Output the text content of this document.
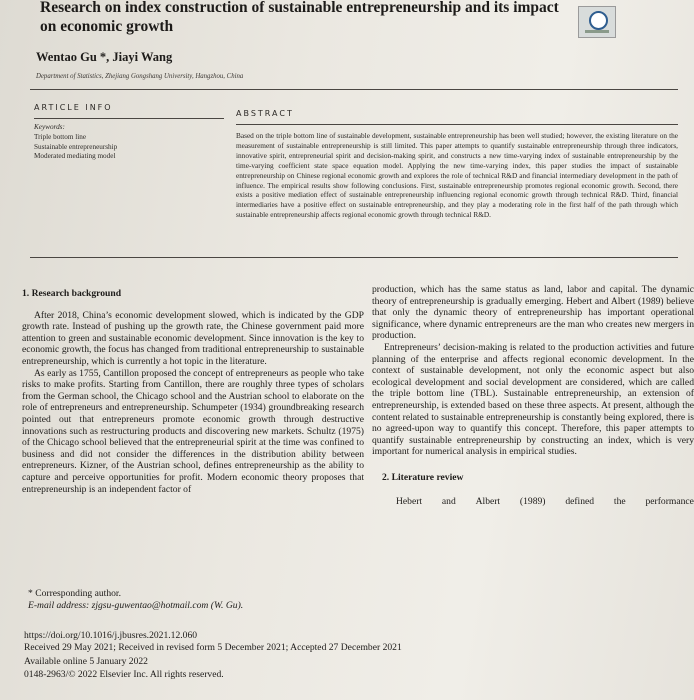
Research on index construction of sustainable entrepreneurship and its impact on economic growth
Wentao Gu *, Jiayi Wang
Department of Statistics, Zhejiang Gongshang University, Hangzhou, China
ARTICLE INFO
ABSTRACT
Keywords:
Triple bottom line
Sustainable entrepreneurship
Moderated mediating model
Based on the triple bottom line of sustainable development, sustainable entrepreneurship has been well studied; however, the existing literature on the measurement of sustainable entrepreneurship is still limited. This paper attempts to quantify sustainable entrepreneurship through three indicators, innovative spirit, entrepreneurial spirit and decision-making spirit, and constructs a new time-varying index of sustainable entrepreneurship by the time-varying coefficient state space equation model. Applying the new time-varying index, this paper studies the impact of sustainable entrepreneurship on Chinese regional economic growth and explores the role of technical R&D and financial intermediary development in the path of influence. The empirical results show following conclusions. First, sustainable entrepreneurship promotes regional economic growth. Second, there exists a positive mediation effect of sustainable entrepreneurship influencing regional economic growth through technical R&D. Third, financial intermediaries have a positive effect on sustainable entrepreneurship, and they play a moderating role in the first half of the path through which sustainable entrepreneurship affects regional economic growth through technical R&D.

1. Research background

After 2018, China’s economic development slowed, which is indicated by the GDP growth rate. Instead of pushing up the growth rate, the Chinese government paid more attention to green and sustainable economic development. Since innovation is the key to economic growth, the focus has changed from traditional entrepreneurship to sustainable entrepreneurship, which is currently a hot topic in the literature.

As early as 1755, Cantillon proposed the concept of entrepreneurs as people who take risks to make profits. Starting from Cantillon, there are roughly three types of scholars from the German school, the Chicago school and the Austrian school to elaborate on the role of entrepreneurs and entrepreneurship. Schumpeter (1934) groundbreaking research pointed out that entrepreneurs promote economic growth through destructive innovations such as restructuring products and discovering new markets. Schultz (1975) of the Chicago school believed that the entrepreneurial spirit at the time was confined to business and did not consider the differences in the distribution ability between entrepreneurs. Kizner, of the Austrian school, defines entrepreneurship as the ability to capture and perceive opportunities for profit. Modern economic theory proposes that entrepreneurship is an independent factor of

production, which has the same status as land, labor and capital. The dynamic theory of entrepreneurship is gradually emerging. Hebert and Albert (1989) believe that only the dynamic theory of entrepreneurship has important operational significance, where dynamic entrepreneurs are the man who creates new mergers in production.

Entrepreneurs’ decision-making is related to the production activities and future planning of the enterprise and affects regional economic development. In the context of sustainable development, not only the economic aspect but also ecological development and social development are considered, which are called the triple bottom line (TBL). Sustainable entrepreneurship, an extension of entrepreneurship, is extended based on these three aspects. At present, although the content related to sustainable entrepreneurship is constantly being explored, there is no agreed-upon way to quantify this concept. Therefore, this paper attempts to quantify sustainable entrepreneurship by constructing an index, which is very important for numerical analysis in empirical studies.

2. Literature review

Hebert and Albert (1989) defined the performance
* Corresponding author.
E-mail address: zjgsu-guwentao@hotmail.com (W. Gu).
https://doi.org/10.1016/j.jbusres.2021.12.060
Received 29 May 2021; Received in revised form 5 December 2021; Accepted 27 December 2021
Available online 5 January 2022
0148-2963/© 2022 Elsevier Inc. All rights reserved.
